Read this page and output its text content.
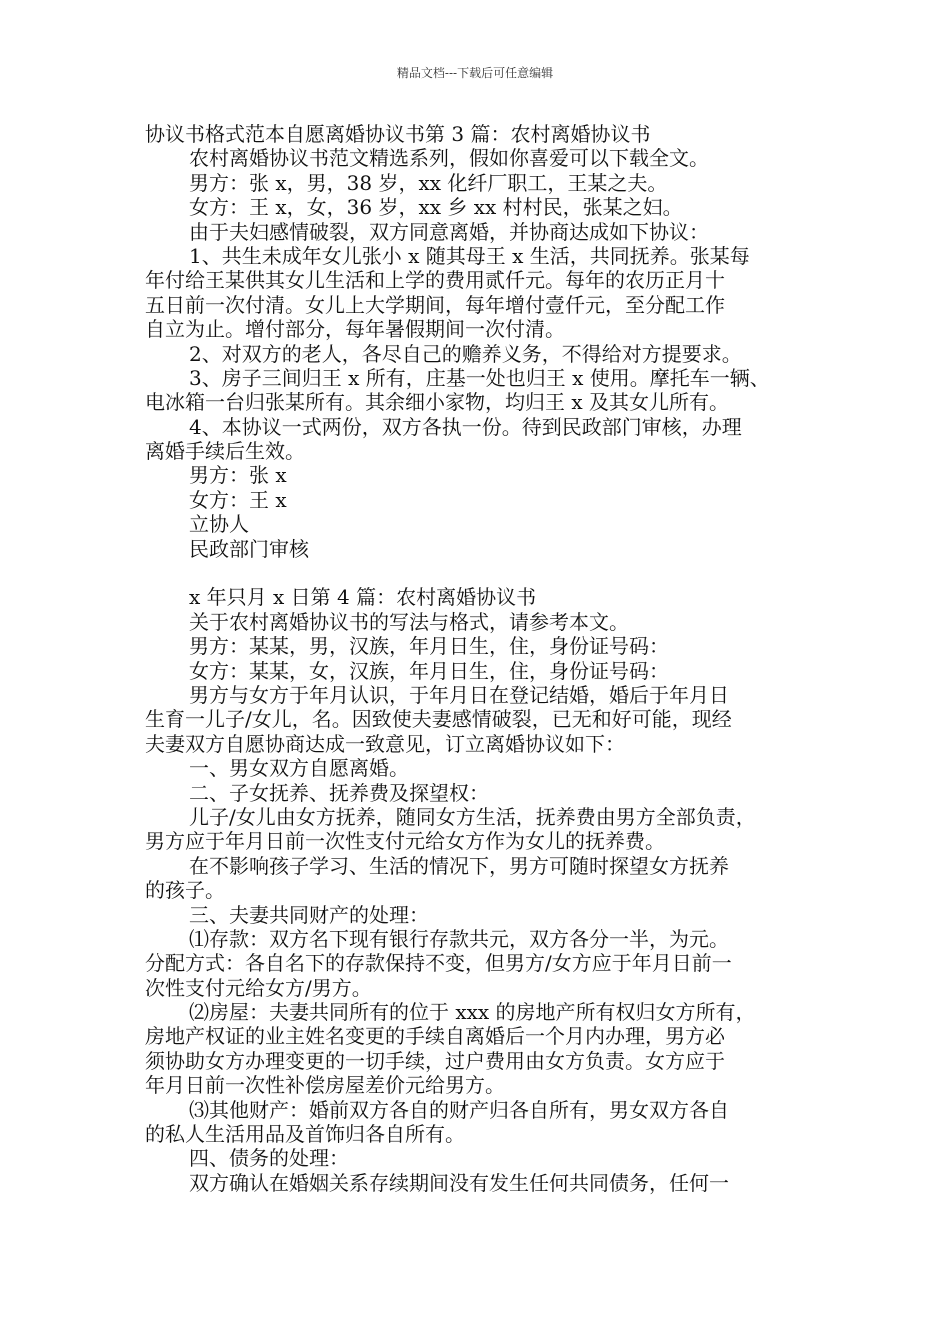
精品文档---下载后可任意编辑
协议书格式范本自愿离婚协议书第 3 篇：农村离婚协议书
农村离婚协议书范文精选系列，假如你喜爱可以下载全文。
男方：张 x，男，38 岁，xx 化纤厂职工，王某之夫。
女方：王 x，女，36 岁，xx 乡 xx 村村民，张某之妇。
由于夫妇感情破裂，双方同意离婚，并协商达成如下协议：
1、共生未成年女儿张小 x 随其母王 x 生活，共同抚养。张某每
年付给王某供其女儿生活和上学的费用贰仟元。每年的农历正月十
五日前一次付清。女儿上大学期间，每年增付壹仟元，至分配工作
自立为止。增付部分，每年暑假期间一次付清。
2、对双方的老人，各尽自己的赡养义务，不得给对方提要求。
3、房子三间归王 x 所有，庄基一处也归王 x 使用。摩托车一辆、
电冰箱一台归张某所有。其余细小家物，均归王 x 及其女儿所有。
4、本协议一式两份，双方各执一份。待到民政部门审核，办理
离婚手续后生效。
男方：张 x
女方：王 x
立协人
民政部门审核
x 年只月 x 日第 4 篇：农村离婚协议书
关于农村离婚协议书的写法与格式，请参考本文。
男方：某某，男，汉族，年月日生，住，身份证号码：
女方：某某，女，汉族，年月日生，住，身份证号码：
男方与女方于年月认识，于年月日在登记结婚，婚后于年月日
生育一儿子/女儿，名。因致使夫妻感情破裂，已无和好可能，现经
夫妻双方自愿协商达成一致意见，订立离婚协议如下：
一、男女双方自愿离婚。
二、子女抚养、抚养费及探望权：
儿子/女儿由女方抚养，随同女方生活，抚养费由男方全部负责，
男方应于年月日前一次性支付元给女方作为女儿的抚养费。
在不影响孩子学习、生活的情况下，男方可随时探望女方抚养
的孩子。
三、夫妻共同财产的处理：
⑴存款：双方名下现有银行存款共元，双方各分一半，为元。
分配方式：各自名下的存款保持不变，但男方/女方应于年月日前一
次性支付元给女方/男方。
⑵房屋：夫妻共同所有的位于 xxx 的房地产所有权归女方所有，
房地产权证的业主姓名变更的手续自离婚后一个月内办理，男方必
须协助女方办理变更的一切手续，过户费用由女方负责。女方应于
年月日前一次性补偿房屋差价元给男方。
⑶其他财产：婚前双方各自的财产归各自所有，男女双方各自
的私人生活用品及首饰归各自所有。
四、债务的处理：
双方确认在婚姻关系存续期间没有发生任何共同债务，任何一
